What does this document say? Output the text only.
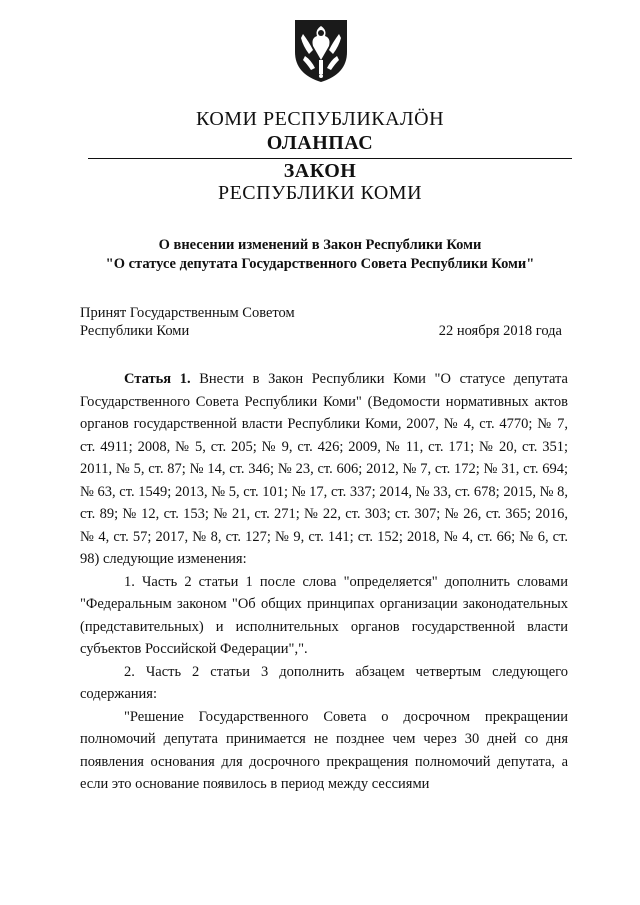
КОМИ РЕСПУБЛИКАЛÖН
ОЛАНПАС
ЗАКОН
РЕСПУБЛИКИ КОМИ
О внесении изменений в Закон Республики Коми
"О статусе депутата Государственного Совета Республики Коми"
Принят Государственным Советом
Республики Коми	22 ноября 2018 года

Статья 1. Внести в Закон Республики Коми "О статусе депутата Государственного Совета Республики Коми" (Ведомости нормативных актов органов государственной власти Республики Коми, 2007, № 4, ст. 4770; № 7, ст. 4911; 2008, № 5, ст. 205; № 9, ст. 426; 2009, № 11, ст. 171; № 20, ст. 351; 2011, № 5, ст. 87; № 14, ст. 346; № 23, ст. 606; 2012, № 7, ст. 172; № 31, ст. 694; № 63, ст. 1549; 2013, № 5, ст. 101; № 17, ст. 337; 2014, № 33, ст. 678; 2015, № 8, ст. 89; № 12, ст. 153; № 21, ст. 271; № 22, ст. 303; ст. 307; № 26, ст. 365; 2016, № 4, ст. 57; 2017, № 8, ст. 127; № 9, ст. 141; ст. 152; 2018, № 4, ст. 66; № 6, ст. 98) следующие изменения:

1. Часть 2 статьи 1 после слова "определяется" дополнить словами "Федеральным законом "Об общих принципах организации законодательных (представительных) и исполнительных органов государственной власти субъектов Российской Федерации",".

2. Часть 2 статьи 3 дополнить абзацем четвертым следующего содержания:

"Решение Государственного Совета о досрочном прекращении полномочий депутата принимается не позднее чем через 30 дней со дня появления основания для досрочного прекращения полномочий депутата, а если это основание появилось в период между сессиями
